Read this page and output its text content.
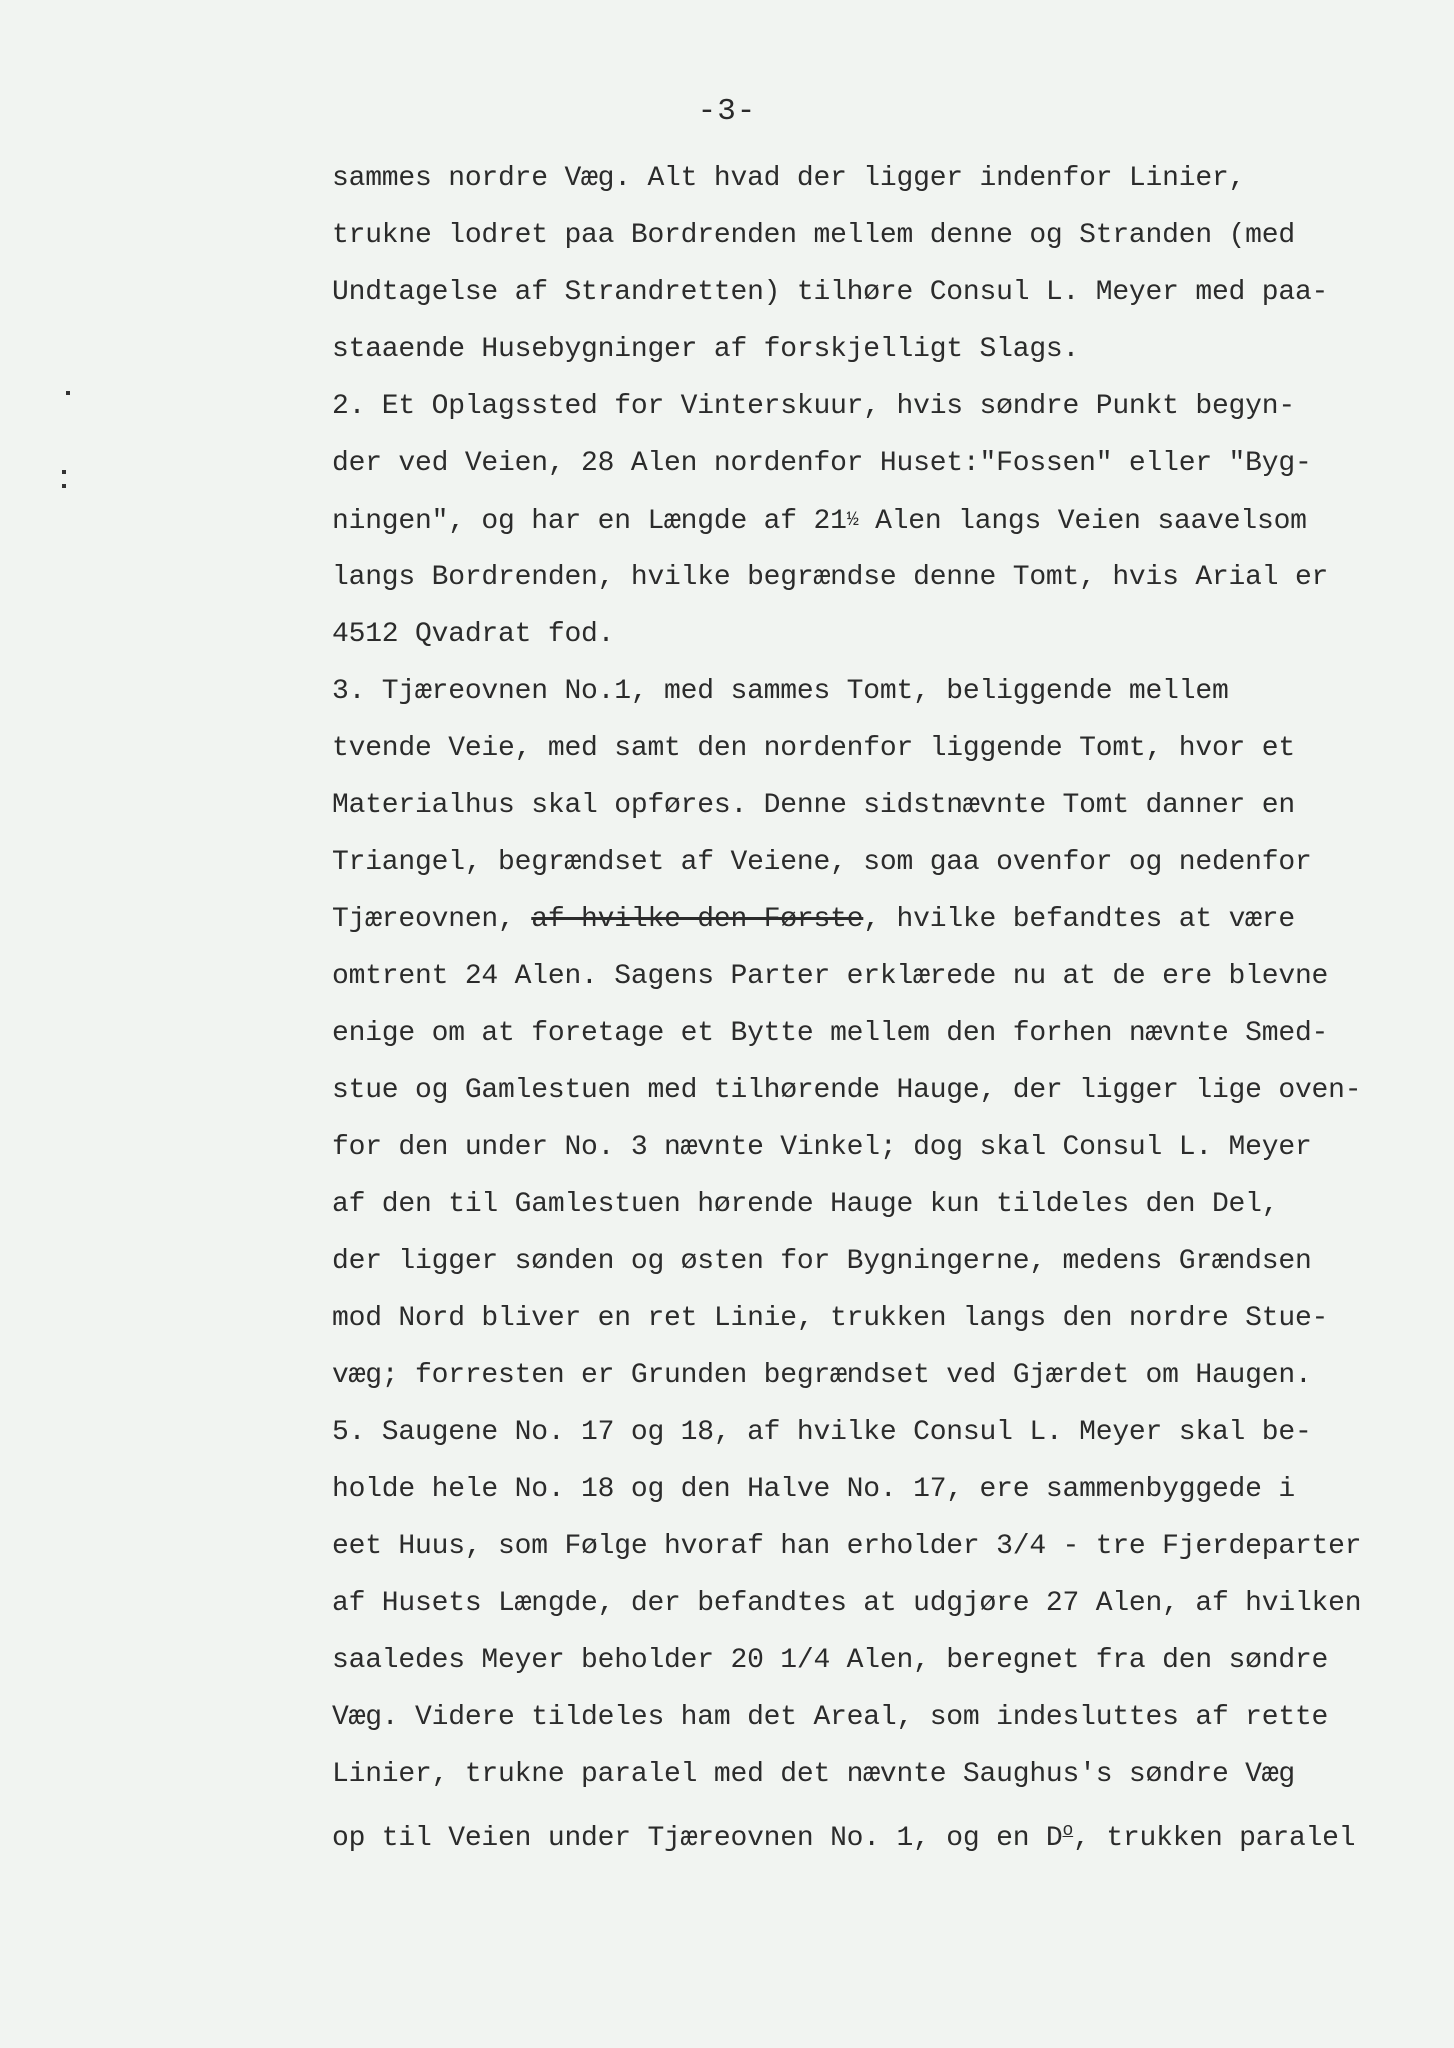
-3-
sammes nordre Væg. Alt hvad der ligger indenfor Linier,
trukne lodret paa Bordrenden mellem denne og Stranden (med
Undtagelse af Strandretten) tilhøre Consul L. Meyer med paa-
staaende Husebygninger af forskjelligt Slags.
2. Et Oplagssted for Vinterskuur, hvis søndre Punkt begyn-
der ved Veien, 28 Alen nordenfor Huset:"Fossen" eller "Byg-
ningen", og har en Længde af 21½ Alen langs Veien saavelsom
langs Bordrenden, hvilke begrændse denne Tomt, hvis Arial er
4512 Qvadrat fod.
3. Tjæreovnen No.1, med sammes Tomt, beliggende mellem
tvende Veie, med samt den nordenfor liggende Tomt, hvor et
Materialhus skal opføres. Denne sidstnævnte Tomt danner en
Triangel, begrændset af Veiene, som gaa ovenfor og nedenfor
Tjæreovnen, af hvilke den Første, hvilke befandtes at være
omtrent 24 Alen. Sagens Parter erklærede nu at de ere blevne
enige om at foretage et Bytte mellem den forhen nævnte Smed-
stue og Gamlestuen med tilhørende Hauge, der ligger lige oven-
for den under No. 3 nævnte Vinkel; dog skal Consul L. Meyer
af den til Gamlestuen hørende Hauge kun tildeles den Del,
der ligger sønden og østen for Bygningerne, medens Grændsen
mod Nord bliver en ret Linie, trukken langs den nordre Stue-
væg; forresten er Grunden begrændset ved Gjærdet om Haugen.
5. Saugene No. 17 og 18, af hvilke Consul L. Meyer skal be-
holde hele No. 18 og den Halve No. 17, ere sammenbyggede i
eet Huus, som Følge hvoraf han erholder 3/4 - tre Fjerdeparter
af Husets Længde, der befandtes at udgjøre 27 Alen, af hvilken
saaledes Meyer beholder 20 1/4 Alen, beregnet fra den søndre
Væg. Videre tildeles ham det Areal, som indesluttes af rette
Linier, trukne paralel med det nævnte Saughus's søndre Væg
op til Veien under Tjæreovnen No. 1, og en $D^o$, trukken paralel
